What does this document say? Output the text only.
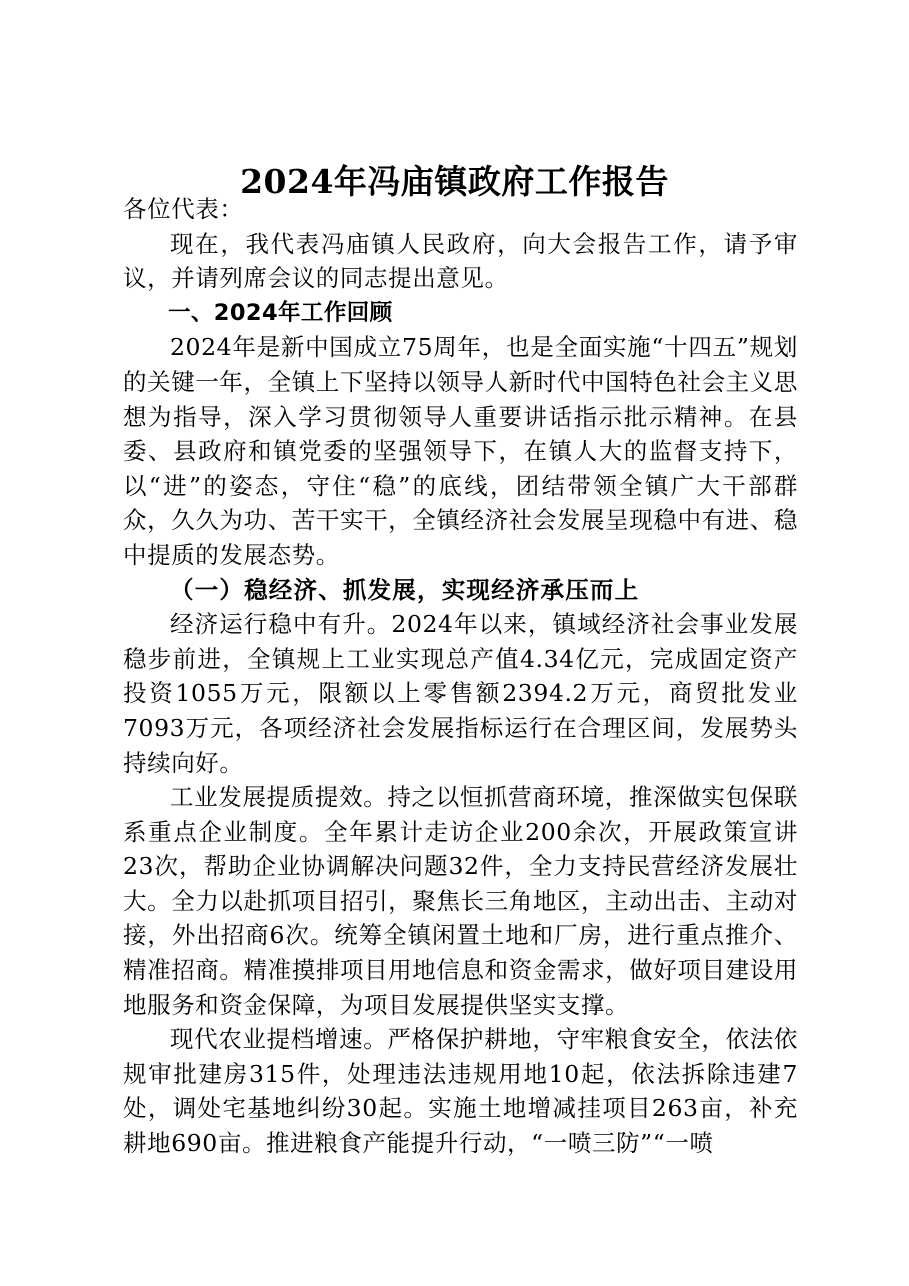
2024年冯庙镇政府工作报告

各位代表：

现在，我代表冯庙镇人民政府，向大会报告工作，请予审议，并请列席会议的同志提出意见。

一、2024年工作回顾

2024年是新中国成立75周年，也是全面实施“十四五”规划的关键一年，全镇上下坚持以领导人新时代中国特色社会主义思想为指导，深入学习贯彻领导人重要讲话指示批示精神。在县委、县政府和镇党委的坚强领导下，在镇人大的监督支持下，以“进”的姿态，守住“稳”的底线，团结带领全镇广大干部群众，久久为功、苦干实干，全镇经济社会发展呈现稳中有进、稳中提质的发展态势。

（一）稳经济、抓发展，实现经济承压而上

经济运行稳中有升。2024年以来，镇域经济社会事业发展稳步前进，全镇规上工业实现总产值4.34亿元，完成固定资产投资1055万元，限额以上零售额2394.2万元，商贸批发业7093万元，各项经济社会发展指标运行在合理区间，发展势头持续向好。

工业发展提质提效。持之以恒抓营商环境，推深做实包保联系重点企业制度。全年累计走访企业200余次，开展政策宣讲23次，帮助企业协调解决问题32件，全力支持民营经济发展壮大。全力以赴抓项目招引，聚焦长三角地区，主动出击、主动对接，外出招商6次。统筹全镇闲置土地和厂房，进行重点推介、精准招商。精准摸排项目用地信息和资金需求，做好项目建设用地服务和资金保障，为项目发展提供坚实支撑。

现代农业提档增速。严格保护耕地，守牢粮食安全，依法依规审批建房315件，处理违法违规用地10起，依法拆除违建7处，调处宅基地纠纷30起。实施土地增减挂项目263亩，补充耕地690亩。推进粮食产能提升行动，“一喷三防”“一喷
